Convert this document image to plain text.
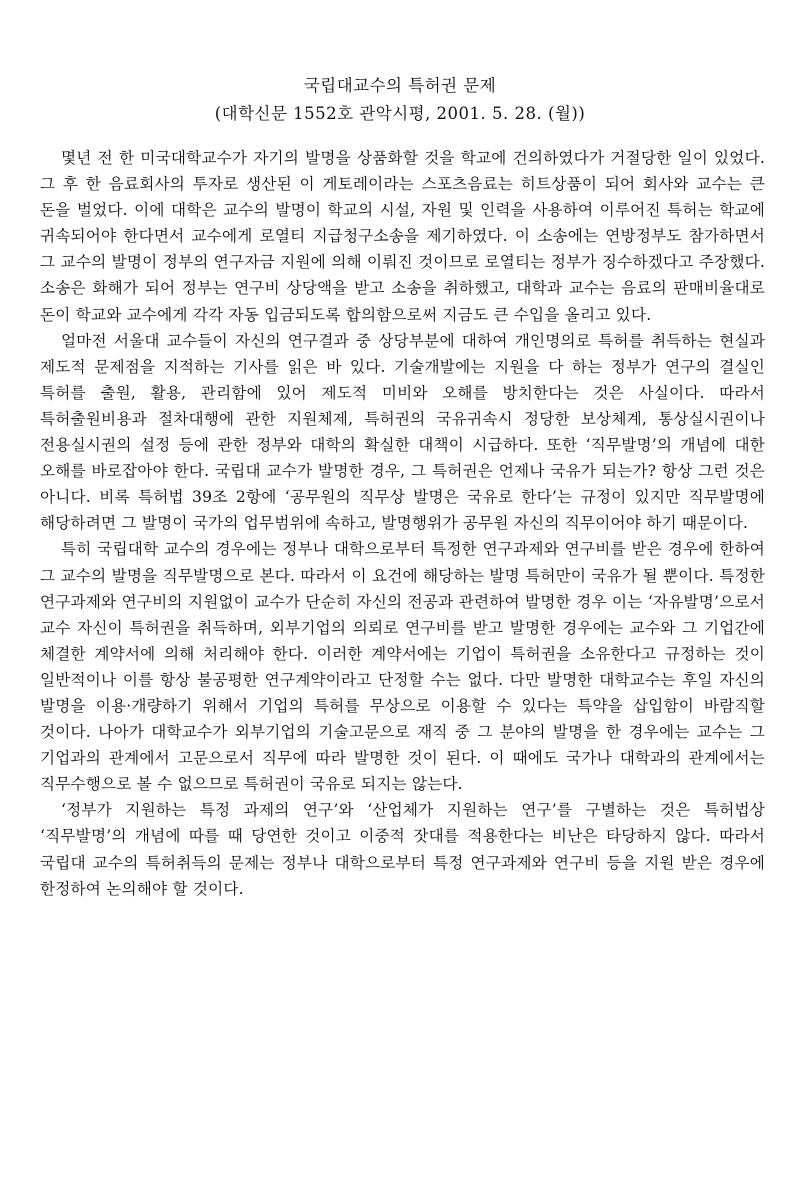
국립대교수의 특허권 문제
(대학신문 1552호 관악시평, 2001. 5. 28. (월))

몇년 전 한 미국대학교수가 자기의 발명을 상품화할 것을 학교에 건의하였다가 거절당한 일이 있었다. 그 후 한 음료회사의 투자로 생산된 이 게토레이라는 스포츠음료는 히트상품이 되어 회사와 교수는 큰 돈을 벌었다. 이에 대학은 교수의 발명이 학교의 시설, 자원 및 인력을 사용하여 이루어진 특허는 학교에 귀속되어야 한다면서 교수에게 로열티 지급청구소송을 제기하였다. 이 소송에는 연방정부도 참가하면서 그 교수의 발명이 정부의 연구자금 지원에 의해 이뤄진 것이므로 로열티는 정부가 징수하겠다고 주장했다. 소송은 화해가 되어 정부는 연구비 상당액을 받고 소송을 취하했고, 대학과 교수는 음료의 판매비율대로 돈이 학교와 교수에게 각각 자동 입금되도록 합의함으로써 지금도 큰 수입을 올리고 있다.

얼마전 서울대 교수들이 자신의 연구결과 중 상당부분에 대하여 개인명의로 특허를 취득하는 현실과 제도적 문제점을 지적하는 기사를 읽은 바 있다. 기술개발에는 지원을 다 하는 정부가 연구의 결실인 특허를 출원, 활용, 관리함에 있어 제도적 미비와 오해를 방치한다는 것은 사실이다. 따라서 특허출원비용과 절차대행에 관한 지원체제, 특허권의 국유귀속시 정당한 보상체계, 통상실시권이나 전용실시권의 설정 등에 관한 정부와 대학의 확실한 대책이 시급하다. 또한 ‘직무발명’의 개념에 대한 오해를 바로잡아야 한다. 국립대 교수가 발명한 경우, 그 특허권은 언제나 국유가 되는가? 항상 그런 것은 아니다. 비록 특허법 39조 2항에 ‘공무원의 직무상 발명은 국유로 한다’는 규정이 있지만 직무발명에 해당하려면 그 발명이 국가의 업무범위에 속하고, 발명행위가 공무원 자신의 직무이어야 하기 때문이다.

특히 국립대학 교수의 경우에는 정부나 대학으로부터 특정한 연구과제와 연구비를 받은 경우에 한하여 그 교수의 발명을 직무발명으로 본다. 따라서 이 요건에 해당하는 발명 특허만이 국유가 될 뿐이다. 특정한 연구과제와 연구비의 지원없이 교수가 단순히 자신의 전공과 관련하여 발명한 경우 이는 ‘자유발명’으로서 교수 자신이 특허권을 취득하며, 외부기업의 의뢰로 연구비를 받고 발명한 경우에는 교수와 그 기업간에 체결한 계약서에 의해 처리해야 한다. 이러한 계약서에는 기업이 특허권을 소유한다고 규정하는 것이 일반적이나 이를 항상 불공평한 연구계약이라고 단정할 수는 없다. 다만 발명한 대학교수는 후일 자신의 발명을 이용·개량하기 위해서 기업의 특허를 무상으로 이용할 수 있다는 특약을 삽입함이 바람직할 것이다. 나아가 대학교수가 외부기업의 기술고문으로 재직 중 그 분야의 발명을 한 경우에는 교수는 그 기업과의 관계에서 고문으로서 직무에 따라 발명한 것이 된다. 이 때에도 국가나 대학과의 관계에서는 직무수행으로 볼 수 없으므로 특허권이 국유로 되지는 않는다.

‘정부가 지원하는 특정 과제의 연구’와 ‘산업체가 지원하는 연구’를 구별하는 것은 특허법상 ‘직무발명’의 개념에 따를 때 당연한 것이고 이중적 잣대를 적용한다는 비난은 타당하지 않다. 따라서 국립대 교수의 특허취득의 문제는 정부나 대학으로부터 특정 연구과제와 연구비 등을 지원 받은 경우에 한정하여 논의해야 할 것이다.
